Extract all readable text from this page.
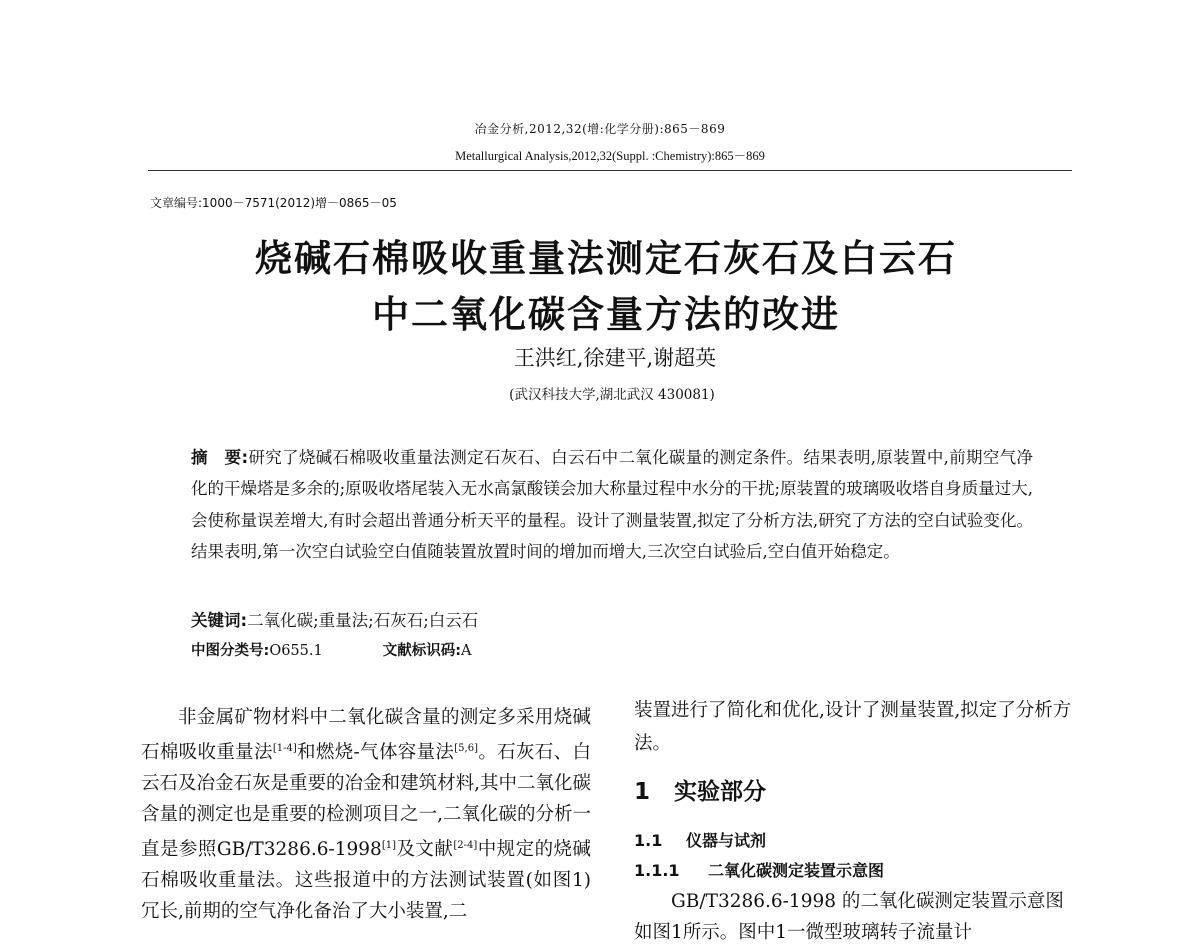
冶金分析,2012,32(增:化学分册):865－869
Metallurgical Analysis,2012,32(Suppl. :Chemistry):865－869
文章编号:1000－7571(2012)增－0865－05
烧碱石棉吸收重量法测定石灰石及白云石
中二氧化碳含量方法的改进
王洪红,徐建平,谢超英
(武汉科技大学,湖北武汉 430081)
摘　要:研究了烧碱石棉吸收重量法测定石灰石、白云石中二氧化碳量的测定条件。结果表明,原装置中,前期空气净化的干燥塔是多余的;原吸收塔尾装入无水高氯酸镁会加大称量过程中水分的干扰;原装置的玻璃吸收塔自身质量过大,会使称量误差增大,有时会超出普通分析天平的量程。设计了测量装置,拟定了分析方法,研究了方法的空白试验变化。结果表明,第一次空白试验空白值随装置放置时间的增加而增大,三次空白试验后,空白值开始稳定。
关键词:二氧化碳;重量法;石灰石;白云石
中图分类号:O655.1	文献标识码:A

非金属矿物材料中二氧化碳含量的测定多采用烧碱石棉吸收重量法[1-4]和燃烧-气体容量法[5,6]。石灰石、白云石及冶金石灰是重要的冶金和建筑材料,其中二氧化碳含量的测定也是重要的检测项目之一,二氧化碳的分析一直是参照GB/T3286.6-1998[1]及文献[2-4]中规定的烧碱石棉吸收重量法。这些报道中的方法测试装置(如图1)冗长,前期的空气净化备治了大小装置,二

装置进行了简化和优化,设计了测量装置,拟定了分析方法。

1 实验部分
1.1 仪器与试剂
1.1.1 二氧化碳测定装置示意图
GB/T3286.6-1998 的二氧化碳测定装置示意图如图1所示。图中1一微型玻璃转子流量计
